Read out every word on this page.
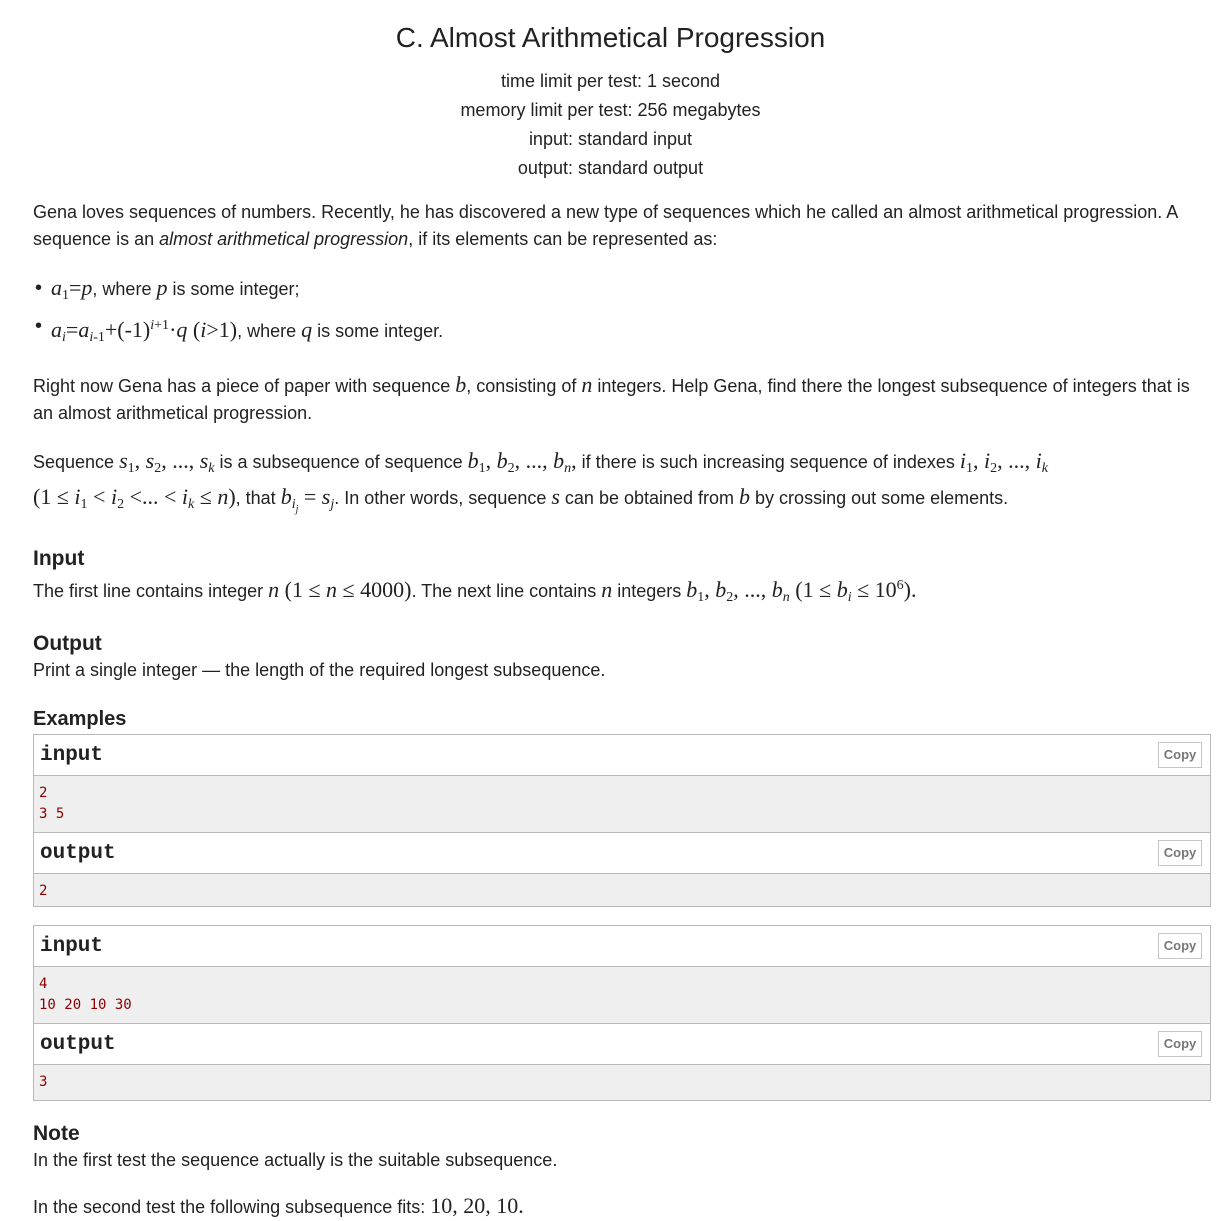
C. Almost Arithmetical Progression
time limit per test: 1 second
memory limit per test: 256 megabytes
input: standard input
output: standard output

Gena loves sequences of numbers. Recently, he has discovered a new type of sequences which he called an almost arithmetical progression. A sequence is an almost arithmetical progression, if its elements can be represented as:

• $a_1=p$, where p is some integer;
• $a_i=a_{i-1}+(-1)^{i+1}\cdot q$ (i>1), where q is some integer.

Right now Gena has a piece of paper with sequence b, consisting of n integers. Help Gena, find there the longest subsequence of integers that is an almost arithmetical progression.

Sequence $s_1$, $s_2$, ..., $s_k$ is a subsequence of sequence $b_1$, $b_2$, ..., $b_n$, if there is such increasing sequence of indexes $i_1$, $i_2$, ..., $i_k$
($1 \le i_1 < i_2$ <... < $i_k \le n$), that $b_{i_j} = s_j$. In other words, sequence s can be obtained from b by crossing out some elements.

Input

The first line contains integer n (1 ≤ n ≤ 4000). The next line contains n integers $b_1$, $b_2$, ..., $b_n$ $(1 \le b_i \le 10^6)$.

Output

Print a single integer — the length of the required longest subsequence.

Examples
Copy
input
2
3 5
Copy
output
2
Copy
input
4
10 20 10 30
Copy
output
3
Note

In the first test the sequence actually is the suitable subsequence.

In the second test the following subsequence fits: 10, 20, 10.
